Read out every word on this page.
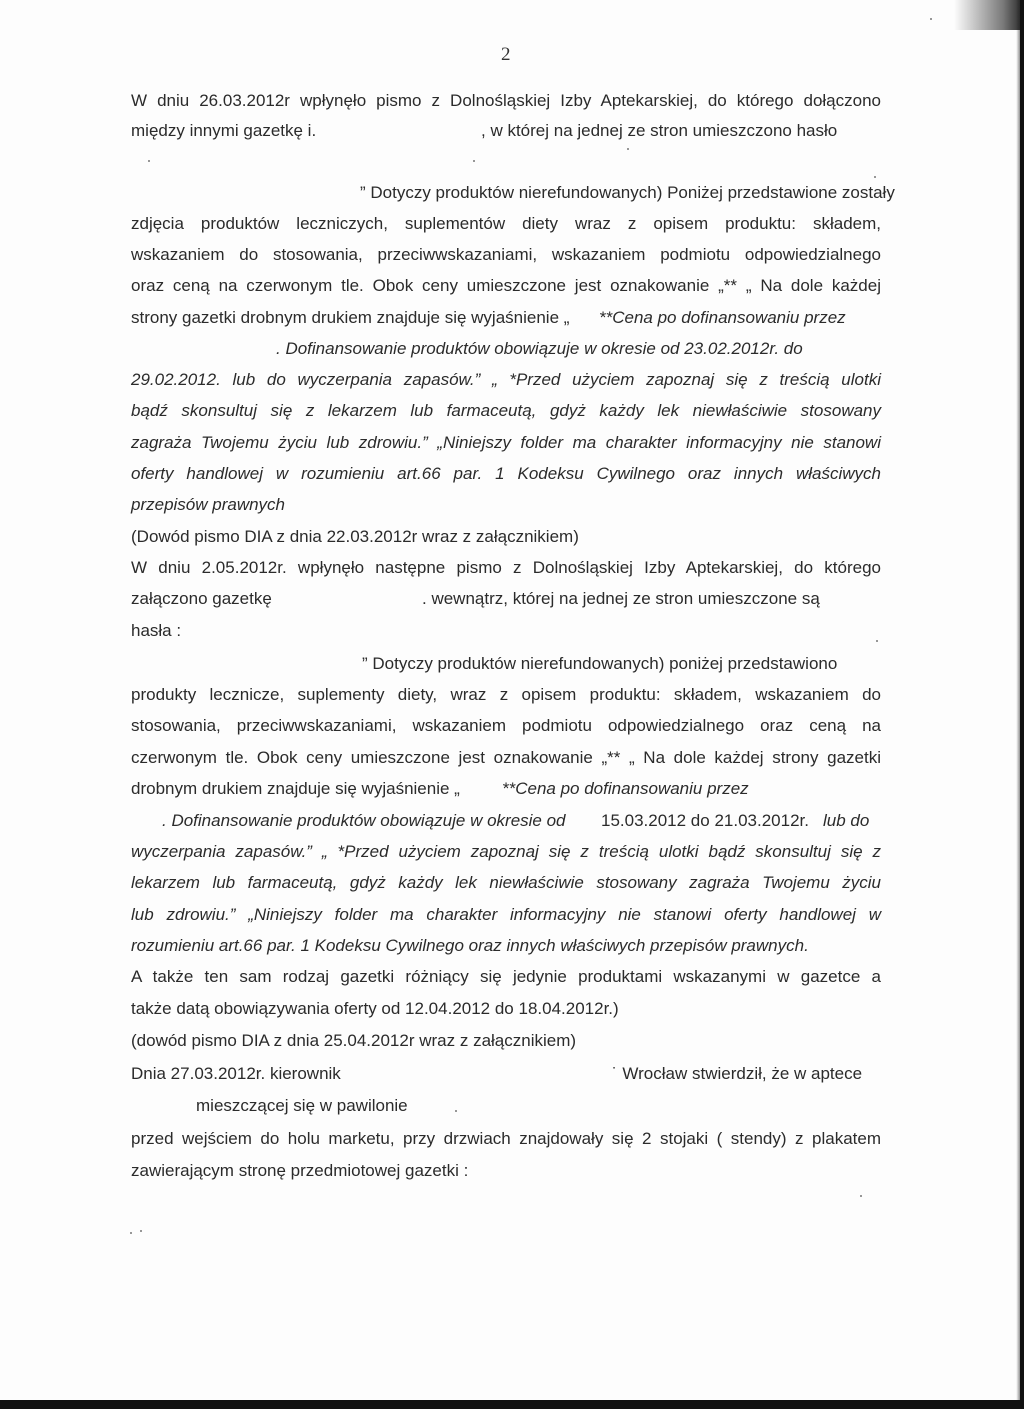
2
W dniu 26.03.2012r wpłynęło pismo z Dolnośląskiej Izby Aptekarskiej, do którego dołączono
między innymi gazetkę i.	, w której na jednej ze stron umieszczono hasło
” Dotyczy produktów nierefundowanych) Poniżej przedstawione zostały
zdjęcia produktów leczniczych, suplementów diety wraz z opisem produktu: składem,
wskazaniem do stosowania, przeciwwskazaniami, wskazaniem podmiotu odpowiedzialnego
oraz ceną na czerwonym tle. Obok ceny umieszczone jest oznakowanie „** „ Na dole każdej
strony gazetki drobnym drukiem znajduje się wyjaśnienie „ **Cena po dofinansowaniu przez
. Dofinansowanie produktów obowiązuje w okresie od 23.02.2012r. do
29.02.2012. lub do wyczerpania zapasów.” „ *Przed użyciem zapoznaj się z treścią ulotki
bądź skonsultuj się z lekarzem lub farmaceutą, gdyż każdy lek niewłaściwie stosowany
zagraża Twojemu życiu lub zdrowiu.” „Niniejszy folder ma charakter informacyjny nie stanowi
oferty handlowej w rozumieniu art.66 par. 1 Kodeksu Cywilnego oraz innych właściwych
przepisów prawnych
(Dowód pismo DIA z dnia 22.03.2012r wraz z załącznikiem)
W dniu 2.05.2012r. wpłynęło następne pismo z Dolnośląskiej Izby Aptekarskiej, do którego
załączono gazetkę	. wewnątrz, której na jednej ze stron umieszczone są
hasła :
” Dotyczy produktów nierefundowanych) poniżej przedstawiono
produkty lecznicze, suplementy diety, wraz z opisem produktu: składem, wskazaniem do
stosowania, przeciwwskazaniami, wskazaniem podmiotu odpowiedzialnego oraz ceną na
czerwonym tle. Obok ceny umieszczone jest oznakowanie „** „ Na dole każdej strony gazetki
drobnym drukiem znajduje się wyjaśnienie „ **Cena po dofinansowaniu przez
. Dofinansowanie produktów obowiązuje w okresie od 15.03.2012 do 21.03.2012r. lub do
wyczerpania zapasów.” „ *Przed użyciem zapoznaj się z treścią ulotki bądź skonsultuj się z
lekarzem lub farmaceutą, gdyż każdy lek niewłaściwie stosowany zagraża Twojemu życiu
lub zdrowiu.” „Niniejszy folder ma charakter informacyjny nie stanowi oferty handlowej w
rozumieniu art.66 par. 1 Kodeksu Cywilnego oraz innych właściwych przepisów prawnych.
A także ten sam rodzaj gazetki różniący się jedynie produktami wskazanymi w gazetce a
także datą obowiązywania oferty od 12.04.2012 do 18.04.2012r.)
(dowód pismo DIA z dnia 25.04.2012r wraz z załącznikiem)
Dnia 27.03.2012r. kierownik	˙ Wrocław stwierdził, że w aptece
mieszczącej się w pawilonie
przed wejściem do holu marketu, przy drzwiach znajdowały się 2 stojaki ( stendy) z plakatem
zawierającym stronę przedmiotowej gazetki :
